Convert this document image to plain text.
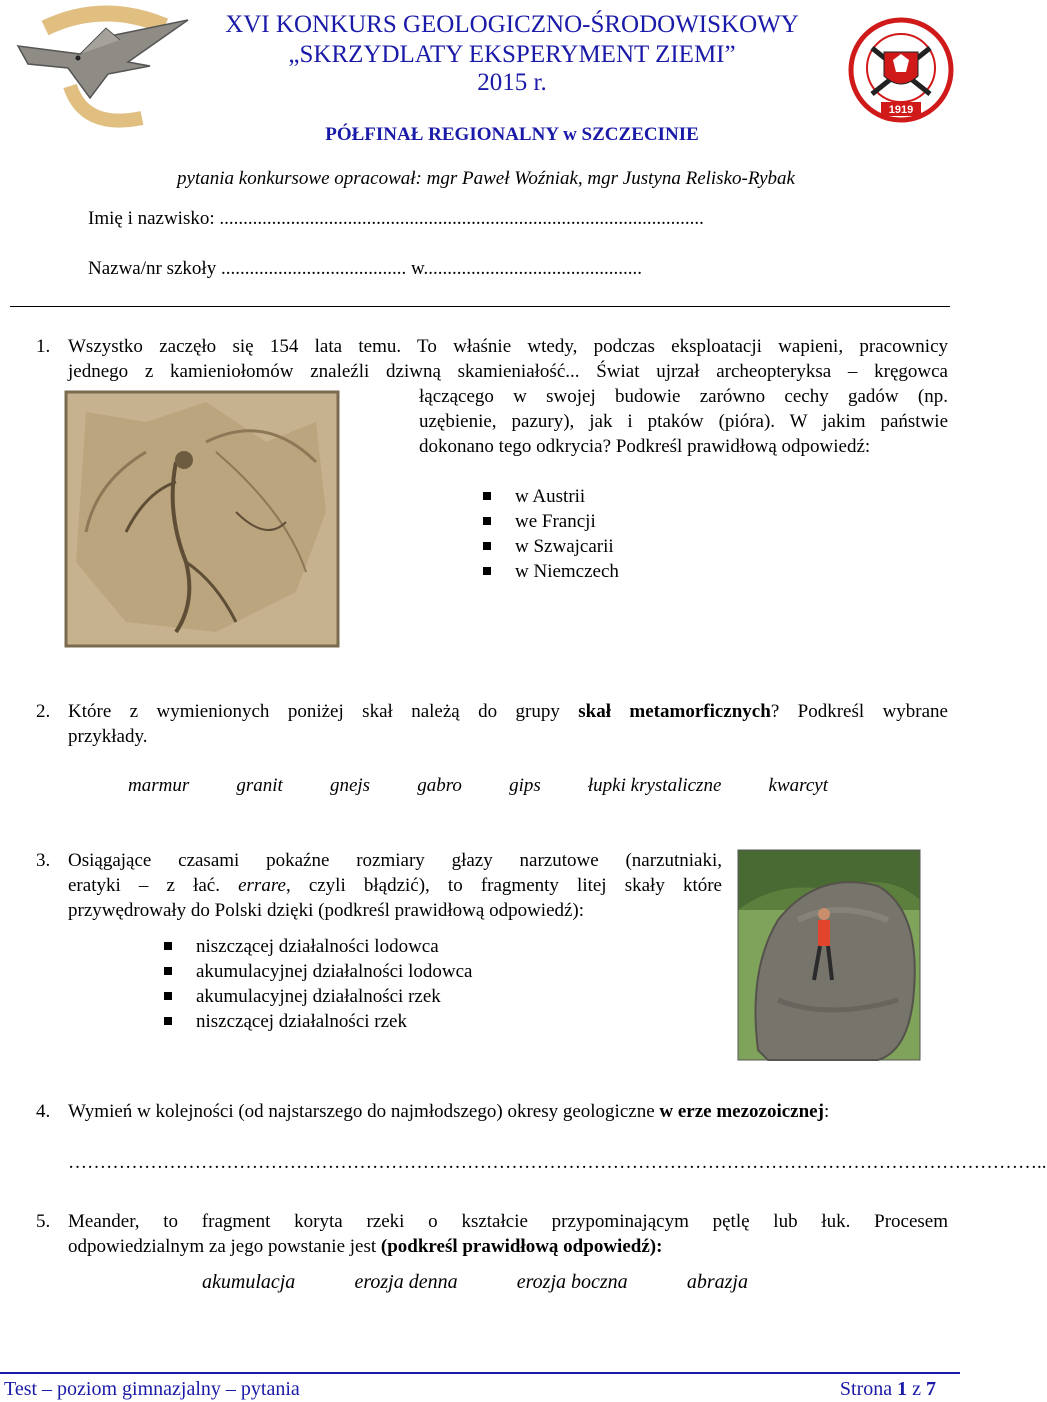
XVI KONKURS GEOLOGICZNO-ŚRODOWISKOWY
„SKRZYDLATY EKSPERYMENT ZIEMI”
2015 r.
1919
PÓŁFINAŁ REGIONALNY w SZCZECINIE
pytania konkursowe opracował: mgr Paweł Woźniak, mgr Justyna Relisko-Rybak
Imię i nazwisko: ......................................................................................................
Nazwa/nr szkoły ....................................... w..............................................
1. Wszystko zaczęło się 154 lata temu. To właśnie wtedy, podczas eksploatacji wapieni, pracownicy
jednego z kamieniołomów znaleźli dziwną skamieniałość... Świat ujrzał archeopteryksa – kręgowca
łączącego w swojej budowie zarówno cechy gadów (np.
uzębienie, pazury), jak i ptaków (pióra). W jakim państwie
dokonano tego odkrycia? Podkreśl prawidłową odpowiedź:
w Austrii
we Francji
w Szwajcarii
w Niemczech
2. Które z wymienionych poniżej skał należą do grupy skał metamorficznych? Podkreśl wybrane
przykłady.
marmur granit gnejs gabro gips łupki krystaliczne kwarcyt
3. Osiągające czasami pokaźne rozmiary głazy narzutowe (narzutniaki,
eratyki – z łać. errare, czyli błądzić), to fragmenty litej skały które
przywędrowały do Polski dzięki (podkreśl prawidłową odpowiedź):
niszczącej działalności lodowca
akumulacyjnej działalności lodowca
akumulacyjnej działalności rzek
niszczącej działalności rzek
4. Wymień w kolejności (od najstarszego do najmłodszego) okresy geologiczne w erze mezozoicznej:
………………………………………………………………………………………………………………………………………..
5. Meander, to fragment koryta rzeki o kształcie przypominającym pętlę lub łuk. Procesem
odpowiedzialnym za jego powstanie jest (podkreśl prawidłową odpowiedź):
akumulacja	erozja denna	erozja boczna	abrazja
Test – poziom gimnazjalny – pytania	Strona 1 z 7
